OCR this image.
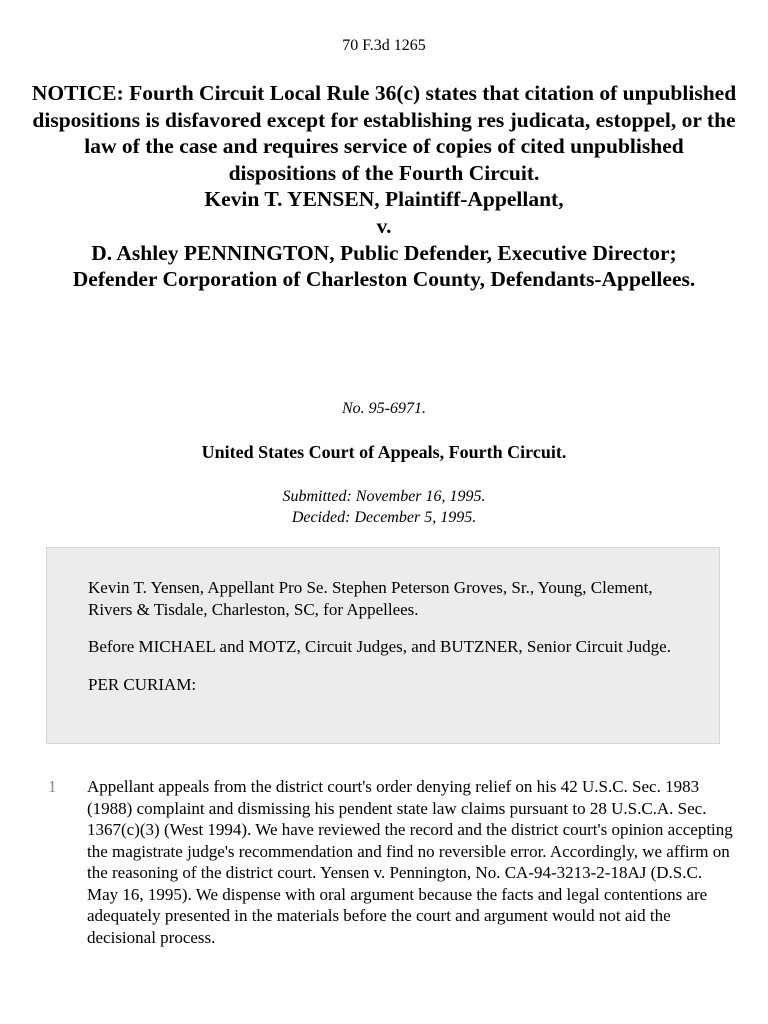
70 F.3d 1265
NOTICE: Fourth Circuit Local Rule 36(c) states that citation of unpublished dispositions is disfavored except for establishing res judicata, estoppel, or the law of the case and requires service of copies of cited unpublished dispositions of the Fourth Circuit.
Kevin T. YENSEN, Plaintiff-Appellant,
v.
D. Ashley PENNINGTON, Public Defender, Executive Director;
Defender Corporation of Charleston County, Defendants-Appellees.
No. 95-6971.
United States Court of Appeals, Fourth Circuit.
Submitted: November 16, 1995.
Decided: December 5, 1995.

Kevin T. Yensen, Appellant Pro Se. Stephen Peterson Groves, Sr., Young, Clement, Rivers & Tisdale, Charleston, SC, for Appellees.

Before MICHAEL and MOTZ, Circuit Judges, and BUTZNER, Senior Circuit Judge.

PER CURIAM:

1 Appellant appeals from the district court's order denying relief on his 42 U.S.C. Sec. 1983 (1988) complaint and dismissing his pendent state law claims pursuant to 28 U.S.C.A. Sec. 1367(c)(3) (West 1994). We have reviewed the record and the district court's opinion accepting the magistrate judge's recommendation and find no reversible error. Accordingly, we affirm on the reasoning of the district court. Yensen v. Pennington, No. CA-94-3213-2-18AJ (D.S.C. May 16, 1995). We dispense with oral argument because the facts and legal contentions are adequately presented in the materials before the court and argument would not aid the decisional process.
